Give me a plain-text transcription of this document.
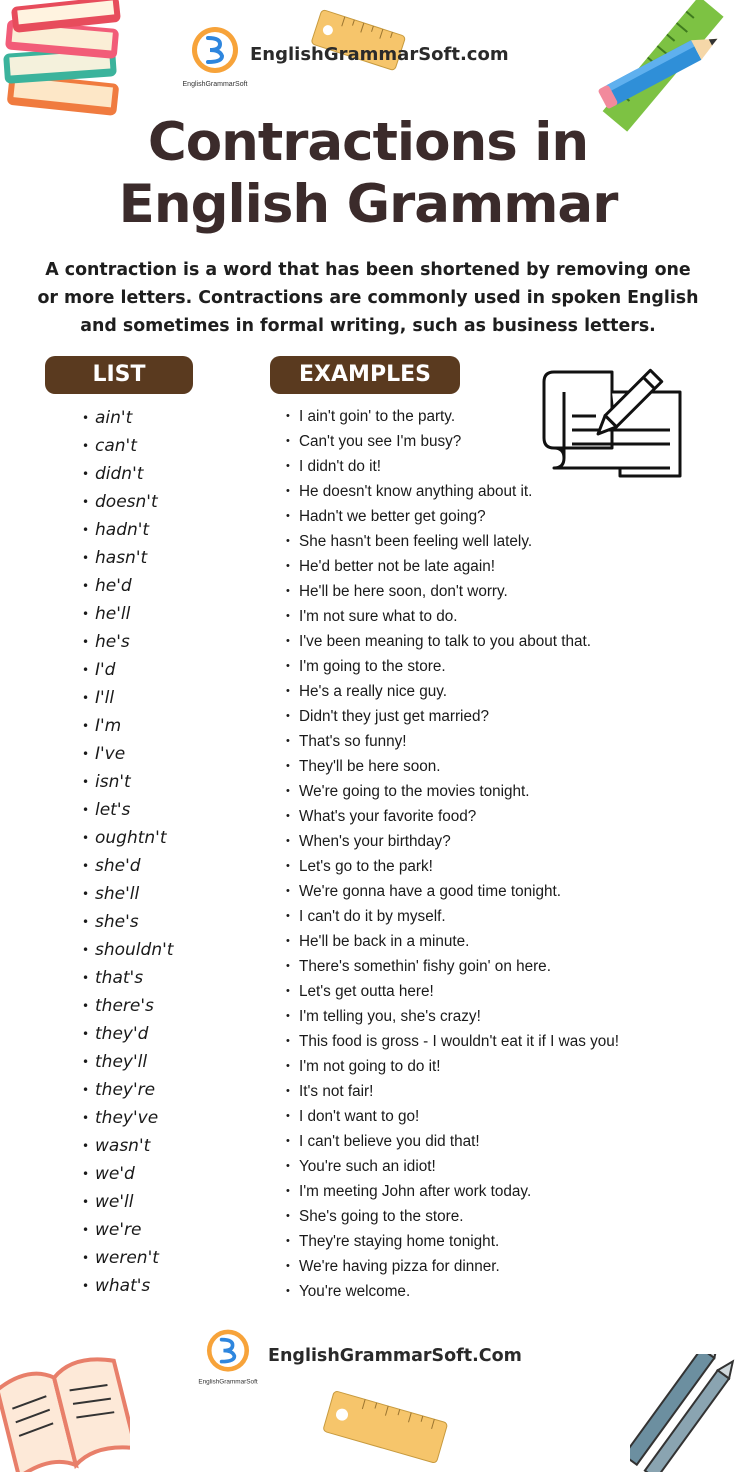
EnglishGrammarSoft
EnglishGrammarSoft.com
Contractions in
English Grammar
A contraction is a word that has been shortened by removing one or more letters. Contractions are commonly used in spoken English and sometimes in formal writing, such as business letters.
LIST	EXAMPLES
• ain't
• can't
• didn't
• doesn't
• hadn't
• hasn't
• he'd
• he'll
• he's
• I'd
• I'll
• I'm
• I've
• isn't
• let's
• oughtn't
• she'd
• she'll
• she's
• shouldn't
• that's
• there's
• they'd
• they'll
• they're
• they've
• wasn't
• we'd
• we'll
• we're
• weren't
• what's
• I ain't goin' to the party.
• Can't you see I'm busy?
• I didn't do it!
• He doesn't know anything about it.
• Hadn't we better get going?
• She hasn't been feeling well lately.
• He'd better not be late again!
• He'll be here soon, don't worry.
• I'm not sure what to do.
• I've been meaning to talk to you about that.
• I'm going to the store.
• He's a really nice guy.
• Didn't they just get married?
• That's so funny!
• They'll be here soon.
• We're going to the movies tonight.
• What's your favorite food?
• When's your birthday?
• Let's go to the park!
• We're gonna have a good time tonight.
• I can't do it by myself.
• He'll be back in a minute.
• There's somethin' fishy goin' on here.
• Let's get outta here!
• I'm telling you, she's crazy!
• This food is gross - I wouldn't eat it if I was you!
• I'm not going to do it!
• It's not fair!
• I don't want to go!
• I can't believe you did that!
• You're such an idiot!
• I'm meeting John after work today.
• She's going to the store.
• They're staying home tonight.
• We're having pizza for dinner.
• You're welcome.
EnglishGrammarSoft
EnglishGrammarSoft.Com
